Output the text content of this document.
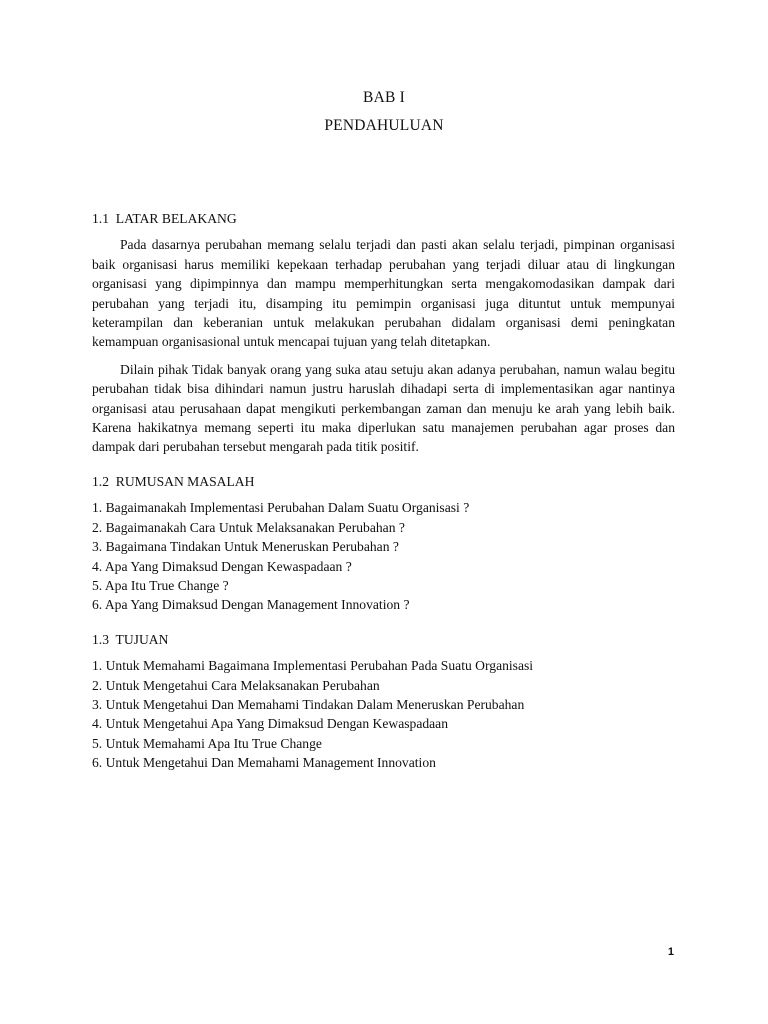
BAB I
PENDAHULUAN
1.1  LATAR BELAKANG

Pada dasarnya perubahan memang selalu terjadi dan pasti akan selalu terjadi, pimpinan organisasi baik organisasi harus memiliki kepekaan terhadap perubahan yang terjadi diluar atau di lingkungan organisasi yang dipimpinnya dan mampu memperhitungkan serta mengakomodasikan dampak dari perubahan yang terjadi itu, disamping itu pemimpin organisasi juga dituntut untuk mempunyai keterampilan dan keberanian untuk melakukan perubahan didalam organisasi demi peningkatan kemampuan organisasional untuk mencapai tujuan yang telah ditetapkan.

Dilain pihak Tidak banyak orang yang suka atau setuju akan adanya perubahan, namun walau begitu perubahan tidak bisa dihindari namun justru haruslah dihadapi serta di implementasikan agar nantinya organisasi atau perusahaan dapat mengikuti perkembangan zaman dan menuju ke arah yang lebih baik. Karena hakikatnya memang seperti itu maka diperlukan satu manajemen perubahan agar proses dan dampak dari perubahan tersebut mengarah pada titik positif.

1.2  RUMUSAN MASALAH
1. Bagaimanakah Implementasi Perubahan Dalam Suatu Organisasi ?
2. Bagaimanakah Cara Untuk Melaksanakan Perubahan ?
3. Bagaimana Tindakan Untuk Meneruskan Perubahan ?
4. Apa Yang Dimaksud Dengan Kewaspadaan ?
5. Apa Itu True Change ?
6. Apa Yang Dimaksud Dengan Management Innovation ?
1.3  TUJUAN
1. Untuk Memahami Bagaimana Implementasi Perubahan Pada Suatu Organisasi
2. Untuk Mengetahui Cara Melaksanakan Perubahan
3. Untuk Mengetahui Dan Memahami Tindakan Dalam Meneruskan Perubahan
4. Untuk Mengetahui Apa Yang Dimaksud Dengan Kewaspadaan
5. Untuk Memahami Apa Itu True Change
6. Untuk Mengetahui Dan Memahami Management Innovation
1
